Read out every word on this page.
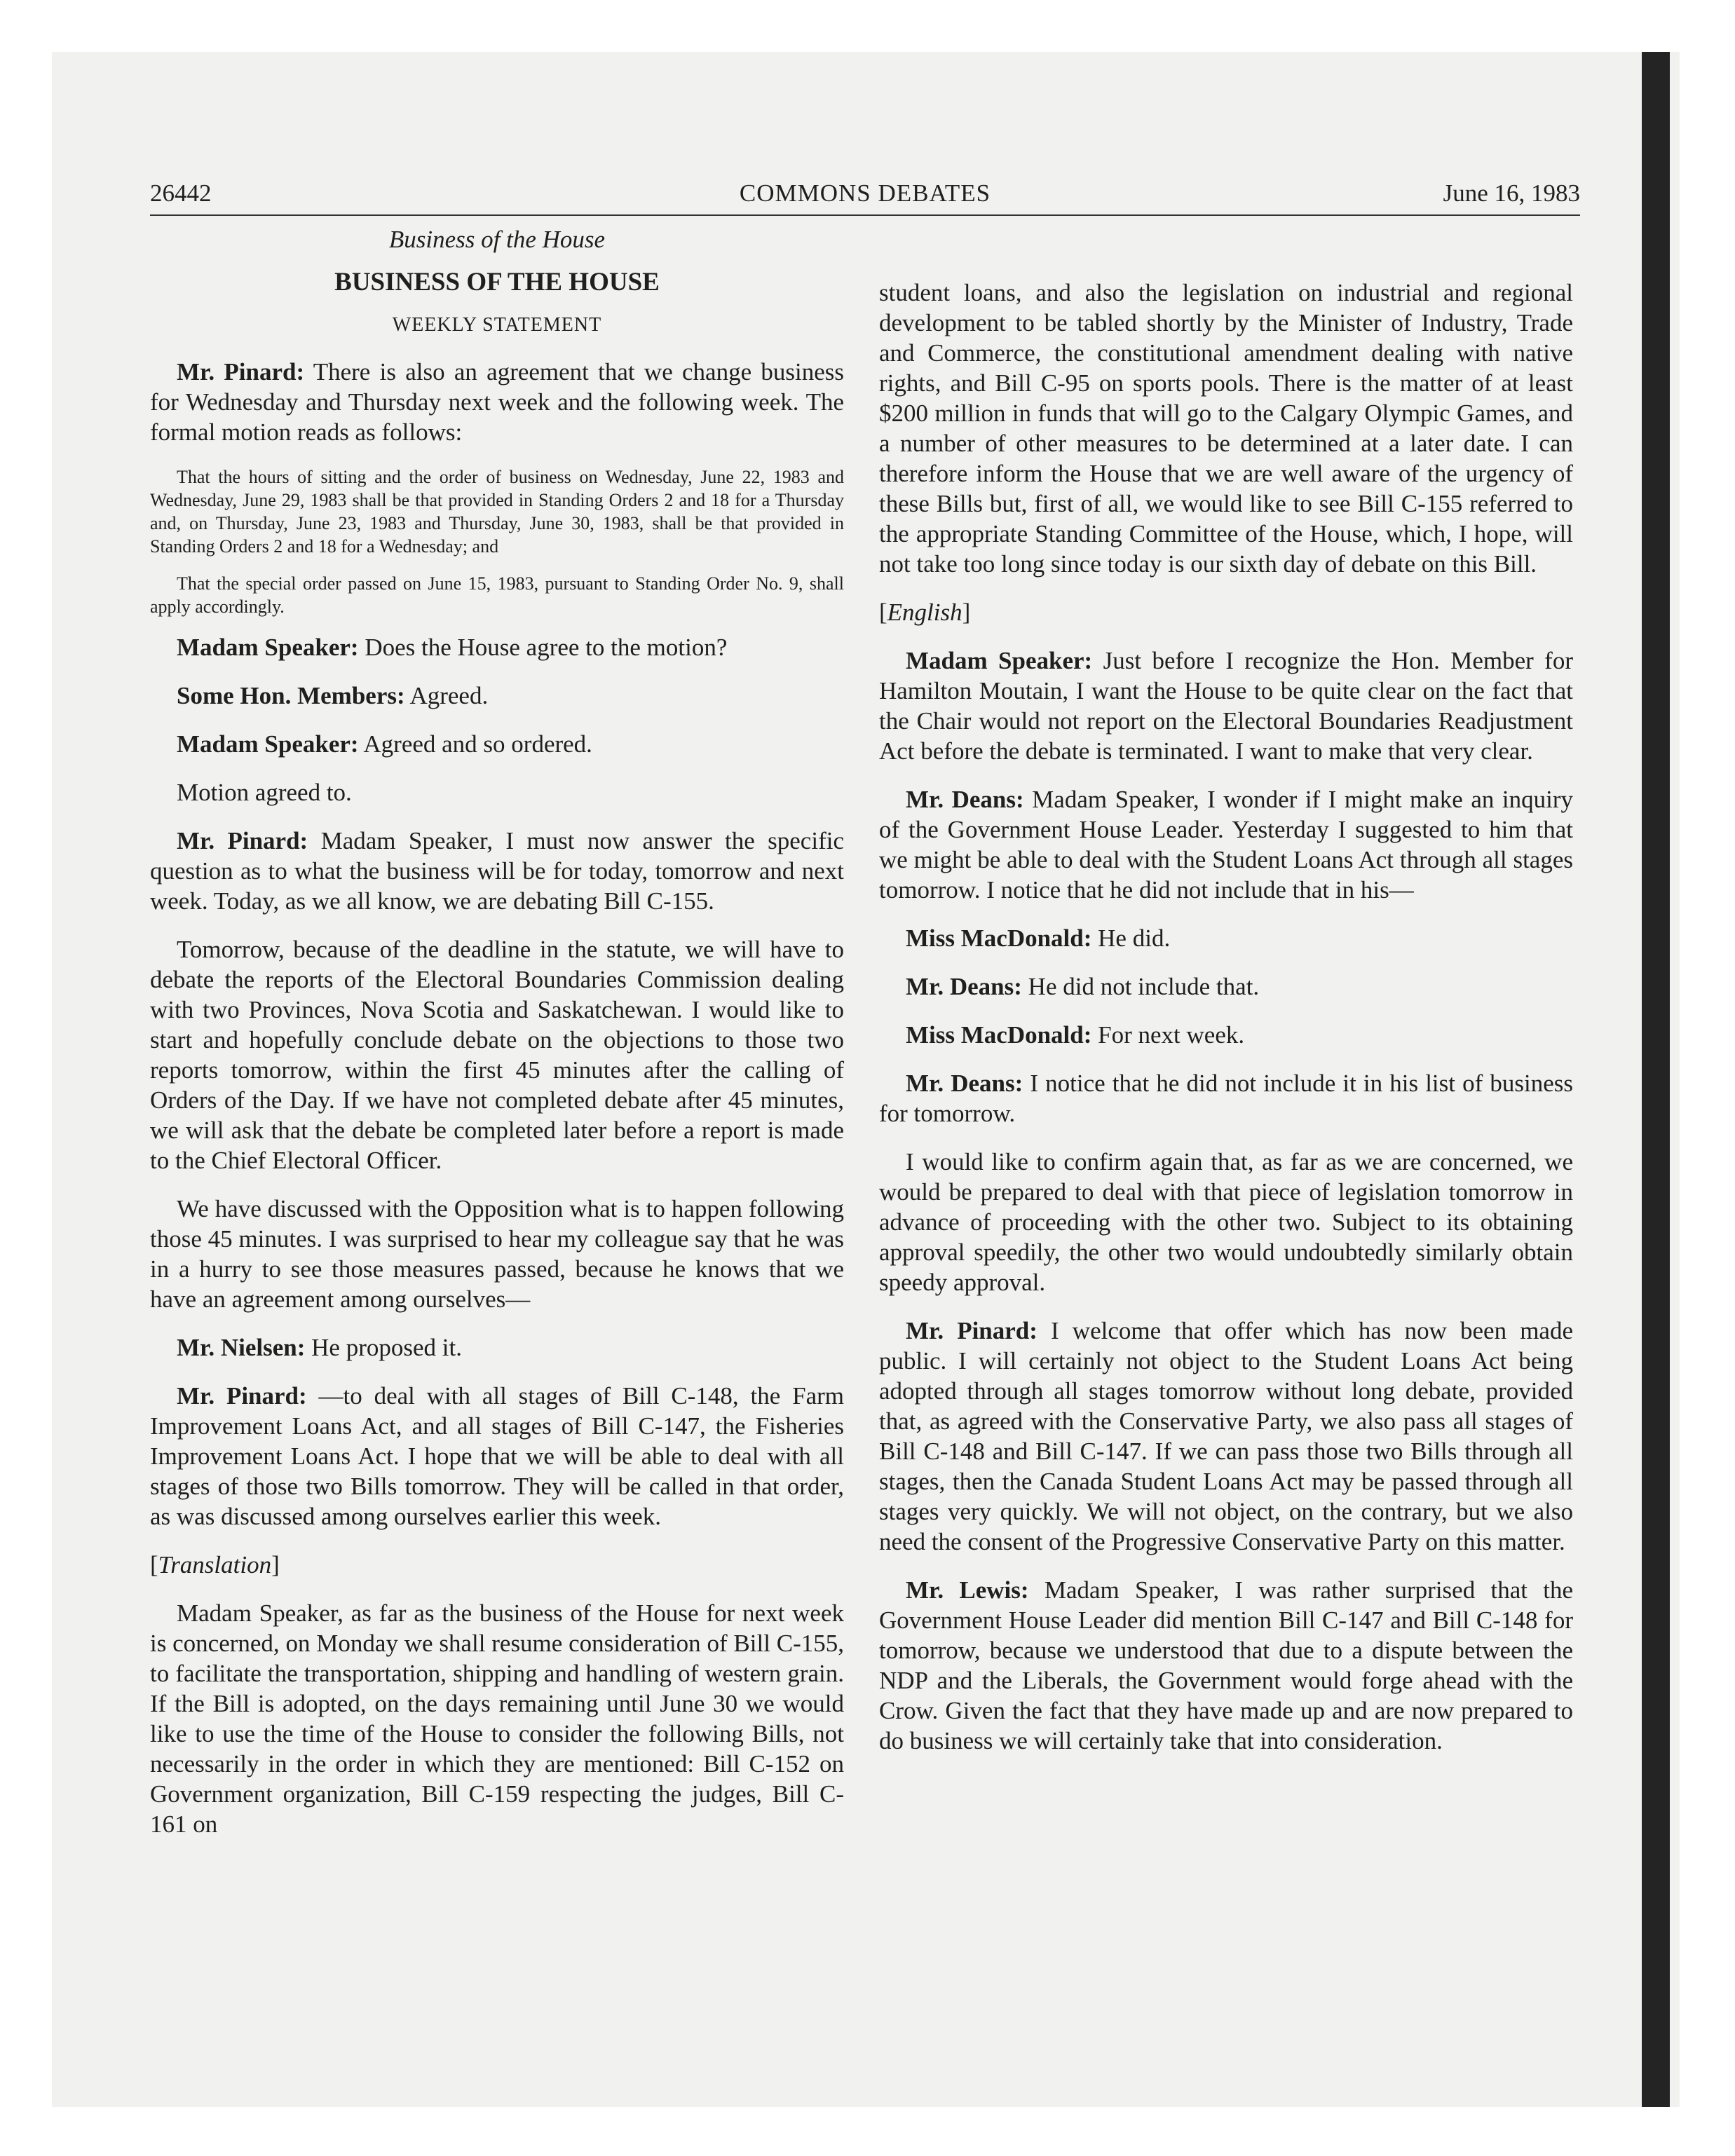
26442	COMMONS DEBATES	June 16, 1983

Business of the House

BUSINESS OF THE HOUSE

WEEKLY STATEMENT

Mr. Pinard: There is also an agreement that we change business for Wednesday and Thursday next week and the following week. The formal motion reads as follows:

That the hours of sitting and the order of business on Wednesday, June 22, 1983 and Wednesday, June 29, 1983 shall be that provided in Standing Orders 2 and 18 for a Thursday and, on Thursday, June 23, 1983 and Thursday, June 30, 1983, shall be that provided in Standing Orders 2 and 18 for a Wednesday; and

That the special order passed on June 15, 1983, pursuant to Standing Order No. 9, shall apply accordingly.

Madam Speaker: Does the House agree to the motion?

Some Hon. Members: Agreed.

Madam Speaker: Agreed and so ordered.

Motion agreed to.

Mr. Pinard: Madam Speaker, I must now answer the specific question as to what the business will be for today, tomorrow and next week. Today, as we all know, we are debating Bill C-155.

Tomorrow, because of the deadline in the statute, we will have to debate the reports of the Electoral Boundaries Commission dealing with two Provinces, Nova Scotia and Saskatchewan. I would like to start and hopefully conclude debate on the objections to those two reports tomorrow, within the first 45 minutes after the calling of Orders of the Day. If we have not completed debate after 45 minutes, we will ask that the debate be completed later before a report is made to the Chief Electoral Officer.

We have discussed with the Opposition what is to happen following those 45 minutes. I was surprised to hear my colleague say that he was in a hurry to see those measures passed, because he knows that we have an agreement among ourselves—

Mr. Nielsen: He proposed it.

Mr. Pinard: —to deal with all stages of Bill C-148, the Farm Improvement Loans Act, and all stages of Bill C-147, the Fisheries Improvement Loans Act. I hope that we will be able to deal with all stages of those two Bills tomorrow. They will be called in that order, as was discussed among ourselves earlier this week.

[ Translation ]

Madam Speaker, as far as the business of the House for next week is concerned, on Monday we shall resume consideration of Bill C-155, to facilitate the transportation, shipping and handling of western grain. If the Bill is adopted, on the days remaining until June 30 we would like to use the time of the House to consider the following Bills, not necessarily in the order in which they are mentioned: Bill C-152 on Government organization, Bill C-159 respecting the judges, Bill C-161 on

student loans, and also the legislation on industrial and regional development to be tabled shortly by the Minister of Industry, Trade and Commerce, the constitutional amendment dealing with native rights, and Bill C-95 on sports pools. There is the matter of at least $200 million in funds that will go to the Calgary Olympic Games, and a number of other measures to be determined at a later date. I can therefore inform the House that we are well aware of the urgency of these Bills but, first of all, we would like to see Bill C-155 referred to the appropriate Standing Committee of the House, which, I hope, will not take too long since today is our sixth day of debate on this Bill.

[ English ]

Madam Speaker: Just before I recognize the Hon. Member for Hamilton Moutain, I want the House to be quite clear on the fact that the Chair would not report on the Electoral Boundaries Readjustment Act before the debate is terminated. I want to make that very clear.

Mr. Deans: Madam Speaker, I wonder if I might make an inquiry of the Government House Leader. Yesterday I suggested to him that we might be able to deal with the Student Loans Act through all stages tomorrow. I notice that he did not include that in his—

Miss MacDonald: He did.

Mr. Deans: He did not include that.

Miss MacDonald: For next week.

Mr. Deans: I notice that he did not include it in his list of business for tomorrow.

I would like to confirm again that, as far as we are concerned, we would be prepared to deal with that piece of legislation tomorrow in advance of proceeding with the other two. Subject to its obtaining approval speedily, the other two would undoubtedly similarly obtain speedy approval.

Mr. Pinard: I welcome that offer which has now been made public. I will certainly not object to the Student Loans Act being adopted through all stages tomorrow without long debate, provided that, as agreed with the Conservative Party, we also pass all stages of Bill C-148 and Bill C-147. If we can pass those two Bills through all stages, then the Canada Student Loans Act may be passed through all stages very quickly. We will not object, on the contrary, but we also need the consent of the Progressive Conservative Party on this matter.

Mr. Lewis: Madam Speaker, I was rather surprised that the Government House Leader did mention Bill C-147 and Bill C-148 for tomorrow, because we understood that due to a dispute between the NDP and the Liberals, the Government would forge ahead with the Crow. Given the fact that they have made up and are now prepared to do business we will certainly take that into consideration.
